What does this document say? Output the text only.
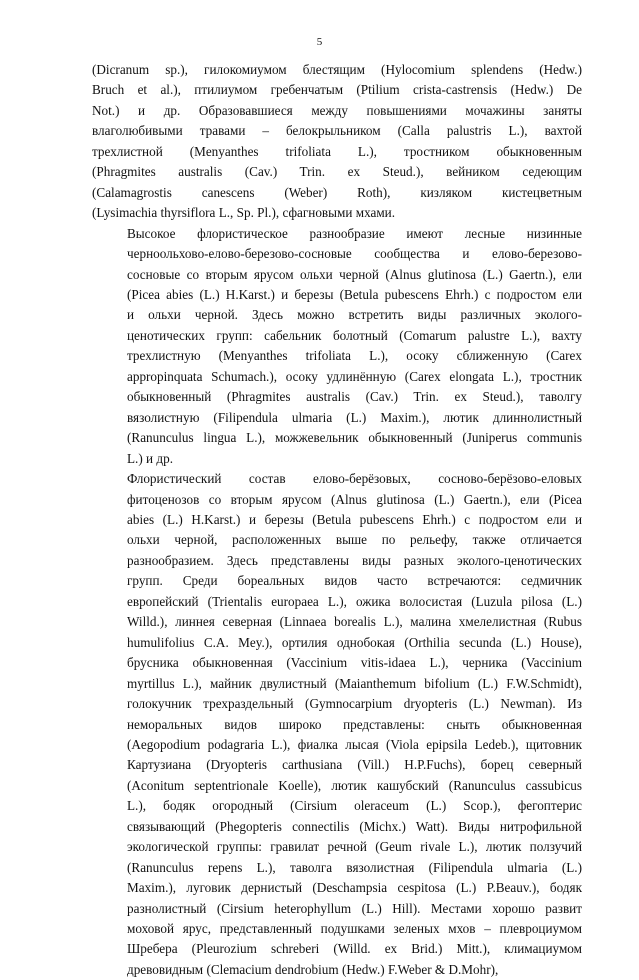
5
(Dicranum sp.), гилокомиумом блестящим (Hylocomium splendens (Hedw.)
Bruch et al.), птилиумом гребенчатым (Ptilium crista-castrensis (Hedw.) De
Not.) и др. Образовавшиеся между повышениями мочажины заняты
влаголюбивыми травами – белокрыльником (Calla palustris L.), вахтой
трехлистной (Menyanthes trifoliata L.), тростником обыкновенным
(Phragmites australis (Cav.) Trin. ex Steud.), вейником седеющим
(Calamagrostis canescens (Weber) Roth), кизляком кистецветным
(Lysimachia thyrsiflora L., Sp. Pl.), сфагновыми мхами.
Высокое флористическое разнообразие имеют лесные низинные
черноольхово-елово-березово-сосновые сообщества и елово-березово-
сосновые со вторым ярусом ольхи черной (Alnus glutinosa (L.) Gaertn.), ели
(Picea abies (L.) H.Karst.) и березы (Betula pubescens Ehrh.) с подростом ели
и ольхи черной. Здесь можно встретить виды различных эколого-
ценотических групп: сабельник болотный (Comarum palustre L.), вахту
трехлистную (Menyanthes trifoliata L.), осоку сближенную (Carex
appropinquata Schumach.), осоку удлинённую (Carex elongata L.), тростник
обыкновенный (Phragmites australis (Cav.) Trin. ex Steud.), таволгу
вязолистную (Filipendula ulmaria (L.) Maxim.), лютик длиннолистный
(Ranunculus lingua L.), можжевельник обыкновенный (Juniperus communis
L.) и др.
Флористический состав елово-берёзовых, сосново-берёзово-еловых
фитоценозов со вторым ярусом (Alnus glutinosa (L.) Gaertn.), ели (Picea
abies (L.) H.Karst.) и березы (Betula pubescens Ehrh.) с подростом ели и
ольхи черной, расположенных выше по рельефу, также отличается
разнообразием. Здесь представлены виды разных эколого-ценотических
групп. Среди бореальных видов часто встречаются: седмичник
европейский (Trientalis europaea L.), ожика волосистая (Luzula pilosa (L.)
Willd.), линнея северная (Linnaea borealis L.), малина хмелелистная (Rubus
humulifolius C.A. Mey.), ортилия однобокая (Orthilia secunda (L.) House),
брусника обыкновенная (Vaccinium vitis-idaea L.), черника (Vaccinium
myrtillus L.), майник двулистный (Maianthemum bifolium (L.) F.W.Schmidt),
голокучник трехраздельный (Gymnocarpium dryopteris (L.) Newman). Из
неморальных видов широко представлены: сныть обыкновенная
(Aegopodium podagraria L.), фиалка лысая (Viola epipsila Ledeb.), щитовник
Картузиана (Dryopteris carthusiana (Vill.) H.P.Fuchs), борец северный
(Aconitum septentrionale Koelle), лютик кашубский (Ranunculus cassubicus
L.), бодяк огородный (Cirsium oleraceum (L.) Scop.), фегоптерис
связывающий (Phegopteris connectilis (Michx.) Watt). Виды нитрофильной
экологической группы: гравилат речной (Geum rivale L.), лютик ползучий
(Ranunculus repens L.), таволга вязолистная (Filipendula ulmaria (L.)
Maxim.), луговик дернистый (Deschampsia cespitosa (L.) P.Beauv.), бодяк
разнолистный (Cirsium heterophyllum (L.) Hill). Местами хорошо развит
моховой ярус, представленный подушками зеленых мхов – плевроциумом
Шребера (Pleurozium schreberi (Willd. ex Brid.) Mitt.), климациумом
древовидным (Clemacium dendrobium (Hedw.) F.Weber & D.Mohr),
